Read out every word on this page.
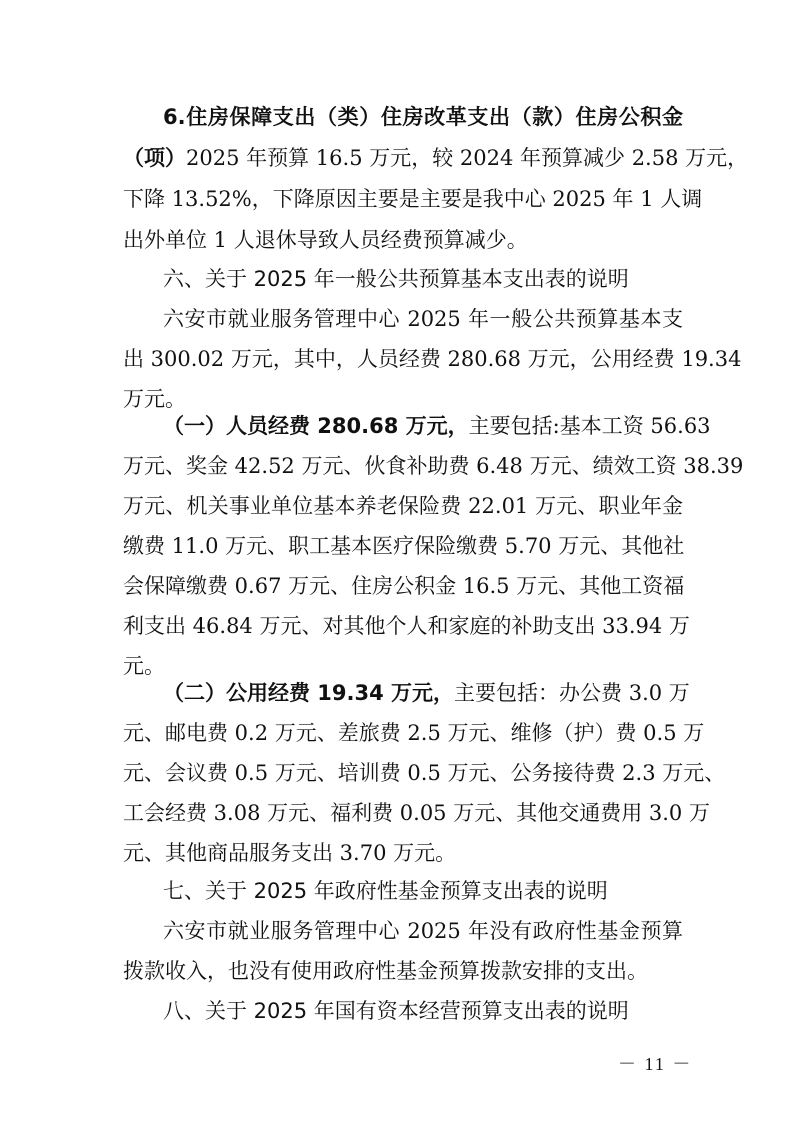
6.住房保障支出（类）住房改革支出（款）住房公积金
（项）2025 年预算 16.5 万元，较 2024 年预算减少 2.58 万元，
下降 13.52%，下降原因主要是主要是我中心 2025 年 1 人调
出外单位 1 人退休导致人员经费预算减少。
六、关于 2025 年一般公共预算基本支出表的说明
六安市就业服务管理中心 2025 年一般公共预算基本支
出 300.02 万元，其中，人员经费 280.68 万元，公用经费 19.34
万元。
（一）人员经费 280.68 万元，主要包括:基本工资 56.63
万元、奖金 42.52 万元、伙食补助费 6.48 万元、绩效工资 38.39
万元、机关事业单位基本养老保险费 22.01 万元、职业年金
缴费 11.0 万元、职工基本医疗保险缴费 5.70 万元、其他社
会保障缴费 0.67 万元、住房公积金 16.5 万元、其他工资福
利支出 46.84 万元、对其他个人和家庭的补助支出 33.94 万
元。
（二）公用经费 19.34 万元，主要包括：办公费 3.0 万
元、邮电费 0.2 万元、差旅费 2.5 万元、维修（护）费 0.5 万
元、会议费 0.5 万元、培训费 0.5 万元、公务接待费 2.3 万元、
工会经费 3.08 万元、福利费 0.05 万元、其他交通费用 3.0 万
元、其他商品服务支出 3.70 万元。
七、关于 2025 年政府性基金预算支出表的说明
六安市就业服务管理中心 2025 年没有政府性基金预算
拨款收入，也没有使用政府性基金预算拨款安排的支出。
八、关于 2025 年国有资本经营预算支出表的说明
－ 11 －
